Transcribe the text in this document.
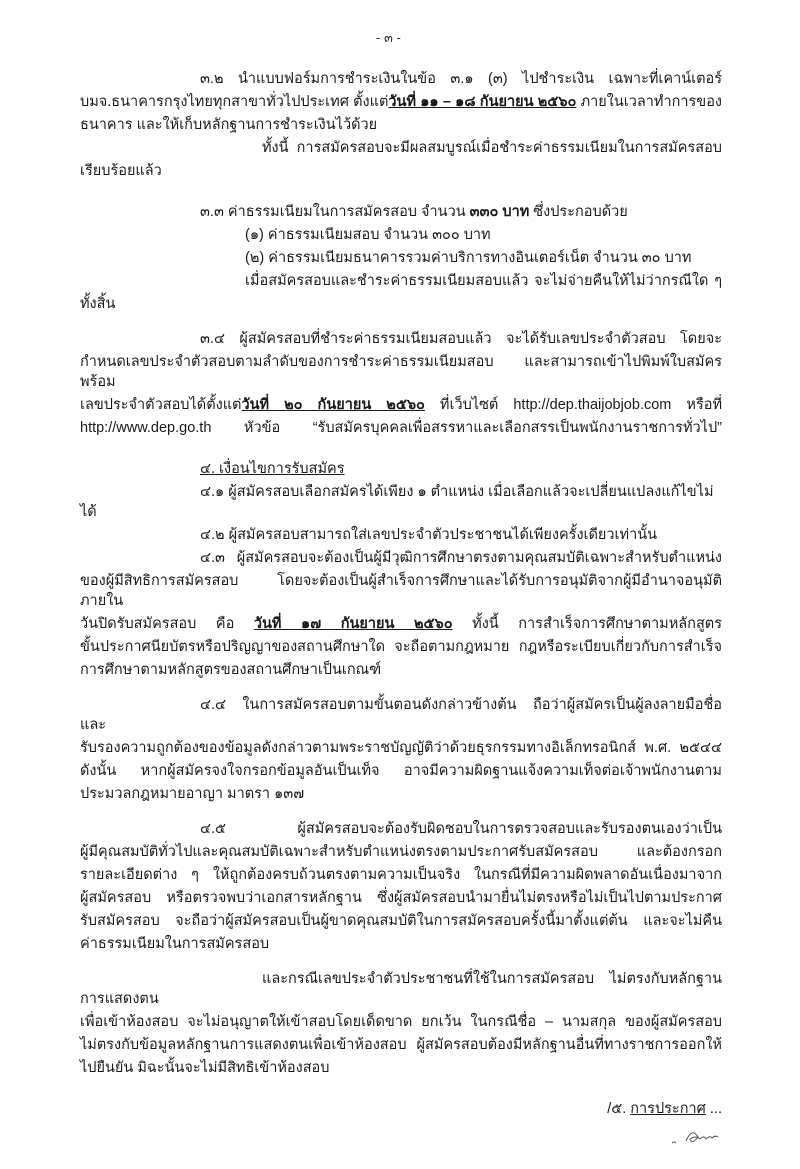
- ๓ -
๓.๒ นำแบบฟอร์มการชำระเงินในข้อ ๓.๑ (๓) ไปชำระเงิน เฉพาะที่เคาน์เตอร์
บมจ.ธนาคารกรุงไทยทุกสาขาทั่วไปประเทศ ตั้งแต่วันที่ ๑๑ – ๑๘ กันยายน ๒๕๖๐ ภายในเวลาทำการของ
ธนาคาร และให้เก็บหลักฐานการชำระเงินไว้ด้วย
ทั้งนี้ การสมัครสอบจะมีผลสมบูรณ์เมื่อชำระค่าธรรมเนียมในการสมัครสอบ
เรียบร้อยแล้ว
๓.๓ ค่าธรรมเนียมในการสมัครสอบ จำนวน ๓๓๐ บาท ซึ่งประกอบด้วย
(๑) ค่าธรรมเนียมสอบ จำนวน ๓๐๐ บาท
(๒) ค่าธรรมเนียมธนาคารรวมค่าบริการทางอินเตอร์เน็ต จำนวน ๓๐ บาท
เมื่อสมัครสอบและชำระค่าธรรมเนียมสอบแล้ว จะไม่จ่ายคืนให้ไม่ว่ากรณีใด ๆ
ทั้งสิ้น
๓.๔ ผู้สมัครสอบที่ชำระค่าธรรมเนียมสอบแล้ว จะได้รับเลขประจำตัวสอบ โดยจะ
กำหนดเลขประจำตัวสอบตามลำดับของการชำระค่าธรรมเนียมสอบ และสามารถเข้าไปพิมพ์ใบสมัครพร้อม
เลขประจำตัวสอบได้ตั้งแต่วันที่ ๒๐ กันยายน ๒๕๖๐ ที่เว็บไซต์ http://dep.thaijobjob.com หรือที่
http://www.dep.go.th หัวข้อ “รับสมัครบุคคลเพื่อสรรหาและเลือกสรรเป็นพนักงานราชการทั่วไป”
๔. เงื่อนไขการรับสมัคร
๔.๑ ผู้สมัครสอบเลือกสมัครได้เพียง ๑ ตำแหน่ง เมื่อเลือกแล้วจะเปลี่ยนแปลงแก้ไขไม่ได้
๔.๒ ผู้สมัครสอบสามารถใส่เลขประจำตัวประชาชนได้เพียงครั้งเดียวเท่านั้น
๔.๓ ผู้สมัครสอบจะต้องเป็นผู้มีวุฒิการศึกษาตรงตามคุณสมบัติเฉพาะสำหรับตำแหน่ง
ของผู้มีสิทธิการสมัครสอบ โดยจะต้องเป็นผู้สำเร็จการศึกษาและได้รับการอนุมัติจากผู้มีอำนาจอนุมัติภายใน
วันปิดรับสมัครสอบ คือ วันที่ ๑๗ กันยายน ๒๕๖๐ ทั้งนี้ การสำเร็จการศึกษาตามหลักสูตร
ขั้นประกาศนียบัตรหรือปริญญาของสถานศึกษาใด จะถือตามกฎหมาย กฎหรือระเบียบเกี่ยวกับการสำเร็จ
การศึกษาตามหลักสูตรของสถานศึกษาเป็นเกณฑ์
๔.๔ ในการสมัครสอบตามขั้นตอนดังกล่าวข้างต้น ถือว่าผู้สมัครเป็นผู้ลงลายมือชื่อและ
รับรองความถูกต้องของข้อมูลดังกล่าวตามพระราชบัญญัติว่าด้วยธุรกรรมทางอิเล็กทรอนิกส์ พ.ศ. ๒๕๔๔
ดังนั้น หากผู้สมัครจงใจกรอกข้อมูลอันเป็นเท็จ อาจมีความผิดฐานแจ้งความเท็จต่อเจ้าพนักงานตาม
ประมวลกฎหมายอาญา มาตรา ๑๓๗
๔.๕ ผู้สมัครสอบจะต้องรับผิดชอบในการตรวจสอบและรับรองตนเองว่าเป็น
ผู้มีคุณสมบัติทั่วไปและคุณสมบัติเฉพาะสำหรับตำแหน่งตรงตามประกาศรับสมัครสอบ และต้องกรอก
รายละเอียดต่าง ๆ ให้ถูกต้องครบถ้วนตรงตามความเป็นจริง ในกรณีที่มีความผิดพลาดอันเนื่องมาจาก
ผู้สมัครสอบ หรือตรวจพบว่าเอกสารหลักฐาน ซึ่งผู้สมัครสอบนำมายื่นไม่ตรงหรือไม่เป็นไปตามประกาศ
รับสมัครสอบ จะถือว่าผู้สมัครสอบเป็นผู้ขาดคุณสมบัติในการสมัครสอบครั้งนี้มาตั้งแต่ต้น และจะไม่คืน
ค่าธรรมเนียมในการสมัครสอบ
และกรณีเลขประจำตัวประชาชนที่ใช้ในการสมัครสอบ ไม่ตรงกับหลักฐานการแสดงตน
เพื่อเข้าห้องสอบ จะไม่อนุญาตให้เข้าสอบโดยเด็ดขาด ยกเว้น ในกรณีชื่อ – นามสกุล ของผู้สมัครสอบ
ไม่ตรงกับข้อมูลหลักฐานการแสดงตนเพื่อเข้าห้องสอบ ผู้สมัครสอบต้องมีหลักฐานอื่นที่ทางราชการออกให้
ไปยืนยัน มิฉะนั้นจะไม่มีสิทธิเข้าห้องสอบ
/๕. การประกาศ ...
